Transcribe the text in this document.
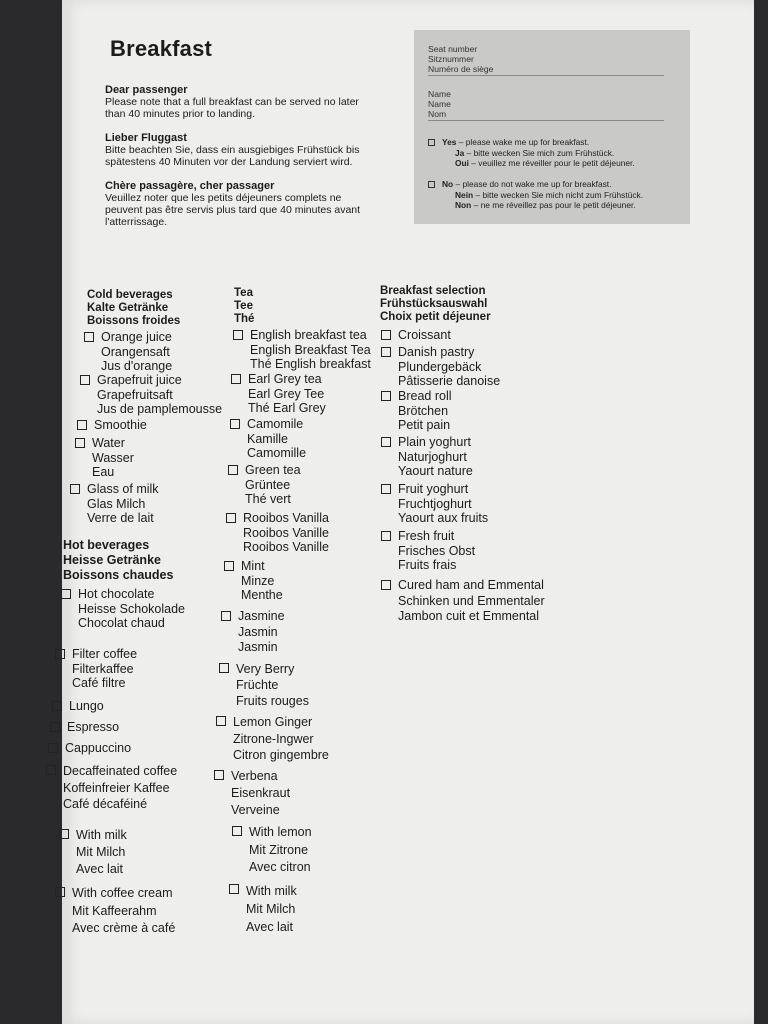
Breakfast
Dear passenger
Please note that a full breakfast can be served no later
than 40 minutes prior to landing.
Lieber Fluggast
Bitte beachten Sie, dass ein ausgiebiges Frühstück bis
spätestens 40 Minuten vor der Landung serviert wird.
Chère passagère, cher passager
Veuillez noter que les petits déjeuners complets ne
peuvent pas être servis plus tard que 40 minutes avant
l'atterrissage.
Seat number
Sitznummer
Numéro de siège
Name
Name
Nom
Yes – please wake me up for breakfast.
Ja – bitte wecken Sie mich zum Frühstück.
Oui – veuillez me réveiller pour le petit déjeuner.
No – please do not wake me up for breakfast.
Nein – bitte wecken Sie mich nicht zum Frühstück.
Non – ne me réveillez pas pour le petit déjeuner.
Cold beverages
Kalte Getränke
Boissons froides
Orange juice
Orangensaft
Jus d'orange
Grapefruit juice
Grapefruitsaft
Jus de pamplemousse
Smoothie
Water
Wasser
Eau
Glass of milk
Glas Milch
Verre de lait
Hot beverages
Heisse Getränke
Boissons chaudes
Hot chocolate
Heisse Schokolade
Chocolat chaud
Filter coffee
Filterkaffee
Café filtre
Lungo
Espresso
Cappuccino
Decaffeinated coffee
Koffeinfreier Kaffee
Café décaféiné
With milk
Mit Milch
Avec lait
With coffee cream
Mit Kaffeerahm
Avec crème à café
Tea
Tee
Thé
English breakfast tea
English Breakfast Tea
Thé English breakfast
Earl Grey tea
Earl Grey Tee
Thé Earl Grey
Camomile
Kamille
Camomille
Green tea
Grüntee
Thé vert
Rooibos Vanilla
Rooibos Vanille
Rooibos Vanille
Mint
Minze
Menthe
Jasmine
Jasmin
Jasmin
Very Berry
Früchte
Fruits rouges
Lemon Ginger
Zitrone-Ingwer
Citron gingembre
Verbena
Eisenkraut
Verveine
With lemon
Mit Zitrone
Avec citron
With milk
Mit Milch
Avec lait
Breakfast selection
Frühstücksauswahl
Choix petit déjeuner
Croissant
Danish pastry
Plundergebäck
Pâtisserie danoise
Bread roll
Brötchen
Petit pain
Plain yoghurt
Naturjoghurt
Yaourt nature
Fruit yoghurt
Fruchtjoghurt
Yaourt aux fruits
Fresh fruit
Frisches Obst
Fruits frais
Cured ham and Emmental
Schinken und Emmentaler
Jambon cuit et Emmental
